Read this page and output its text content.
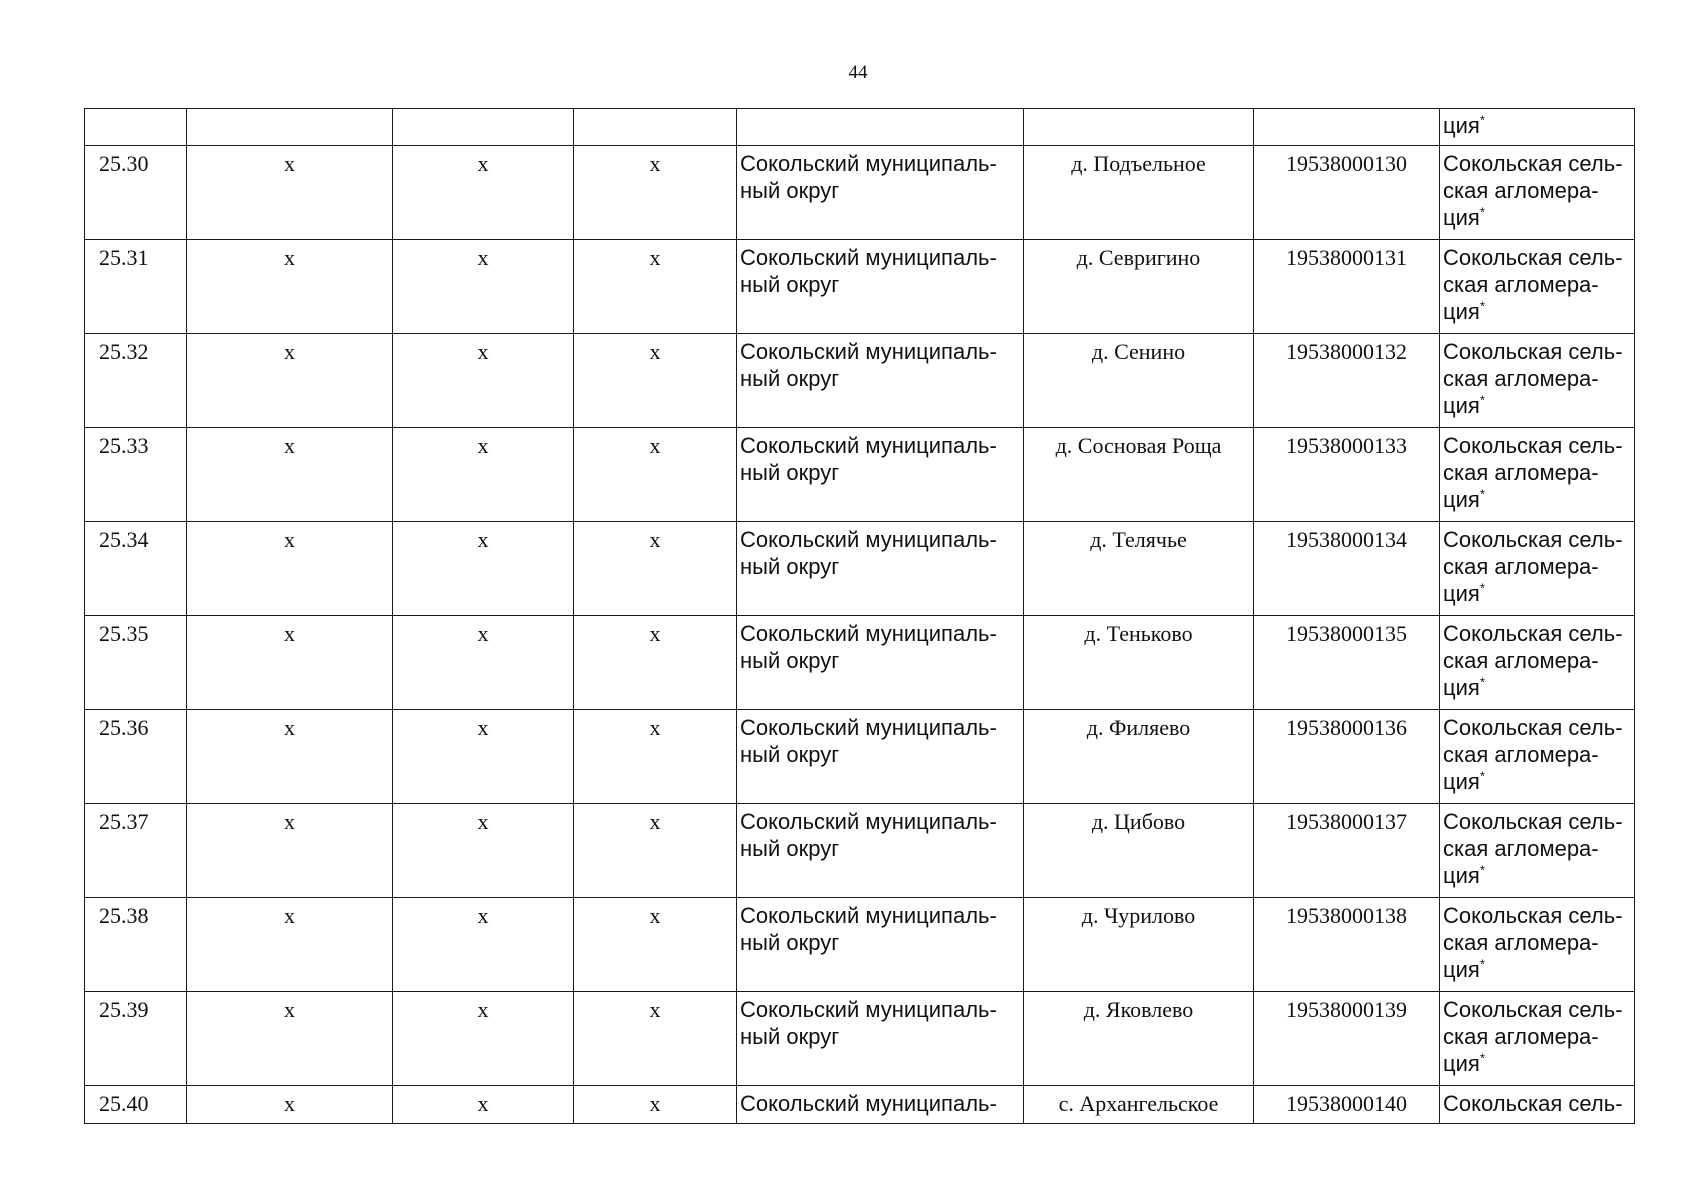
44
							ция*

25.30	х	х	х	Сокольский муниципаль-
ный округ	д. Подъельное	19538000130	Сокольская сель-
ская агломера-
ция*

25.31	х	х	х	Сокольский муниципаль-
ный округ	д. Севригино	19538000131	Сокольская сель-
ская агломера-
ция*

25.32	х	х	х	Сокольский муниципаль-
ный округ	д. Сенино	19538000132	Сокольская сель-
ская агломера-
ция*

25.33	х	х	х	Сокольский муниципаль-
ный округ	д. Сосновая Роща	19538000133	Сокольская сель-
ская агломера-
ция*

25.34	х	х	х	Сокольский муниципаль-
ный округ	д. Телячье	19538000134	Сокольская сель-
ская агломера-
ция*

25.35	х	х	х	Сокольский муниципаль-
ный округ	д. Теньково	19538000135	Сокольская сель-
ская агломера-
ция*

25.36	х	х	х	Сокольский муниципаль-
ный округ	д. Филяево	19538000136	Сокольская сель-
ская агломера-
ция*

25.37	х	х	х	Сокольский муниципаль-
ный округ	д. Цибово	19538000137	Сокольская сель-
ская агломера-
ция*

25.38	х	х	х	Сокольский муниципаль-
ный округ	д. Чурилово	19538000138	Сокольская сель-
ская агломера-
ция*

25.39	х	х	х	Сокольский муниципаль-
ный округ	д. Яковлево	19538000139	Сокольская сель-
ская агломера-
ция*

25.40	х	х	х	Сокольский муниципаль-	с. Архангельское	19538000140	Сокольская сель-
